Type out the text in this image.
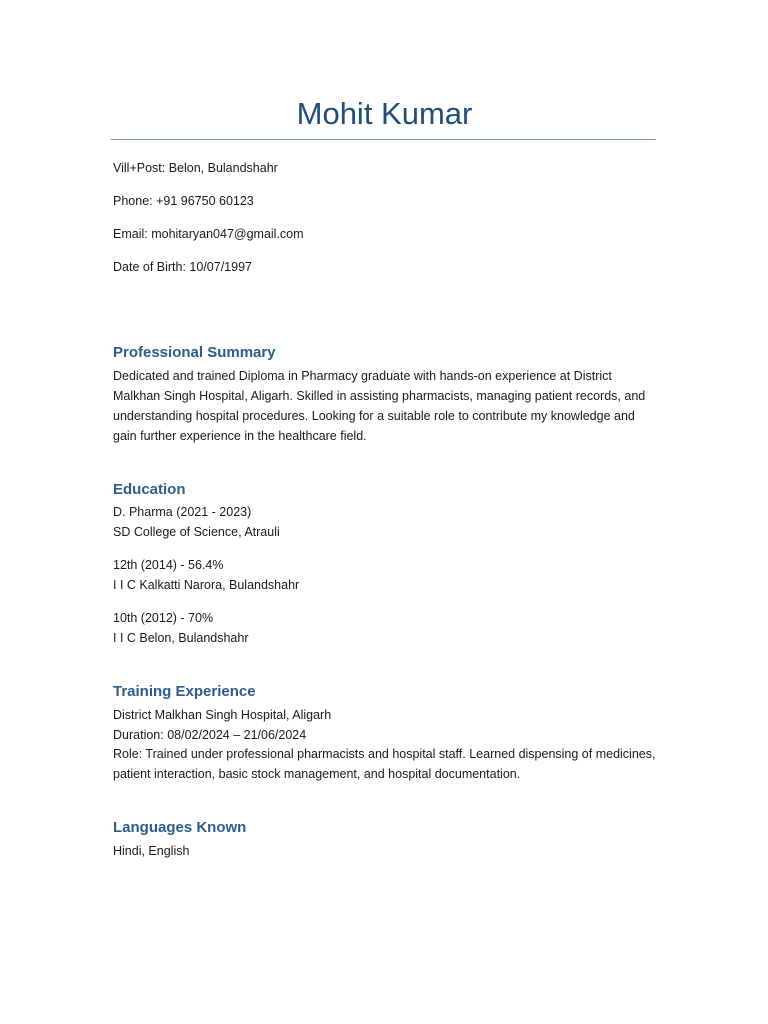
Mohit Kumar
Vill+Post: Belon, Bulandshahr
Phone: +91 96750 60123
Email: mohitaryan047@gmail.com
Date of Birth: 10/07/1997
Professional Summary

Dedicated and trained Diploma in Pharmacy graduate with hands-on experience at District Malkhan Singh Hospital, Aligarh. Skilled in assisting pharmacists, managing patient records, and understanding hospital procedures. Looking for a suitable role to contribute my knowledge and gain further experience in the healthcare field.

Education
D. Pharma (2021 - 2023)
SD College of Science, Atrauli
12th (2014) - 56.4%
I I C Kalkatti Narora, Bulandshahr
10th (2012) - 70%
I I C Belon, Bulandshahr
Training Experience
District Malkhan Singh Hospital, Aligarh
Duration: 08/02/2024 – 21/06/2024

Role: Trained under professional pharmacists and hospital staff. Learned dispensing of medicines, patient interaction, basic stock management, and hospital documentation.

Languages Known
Hindi, English
